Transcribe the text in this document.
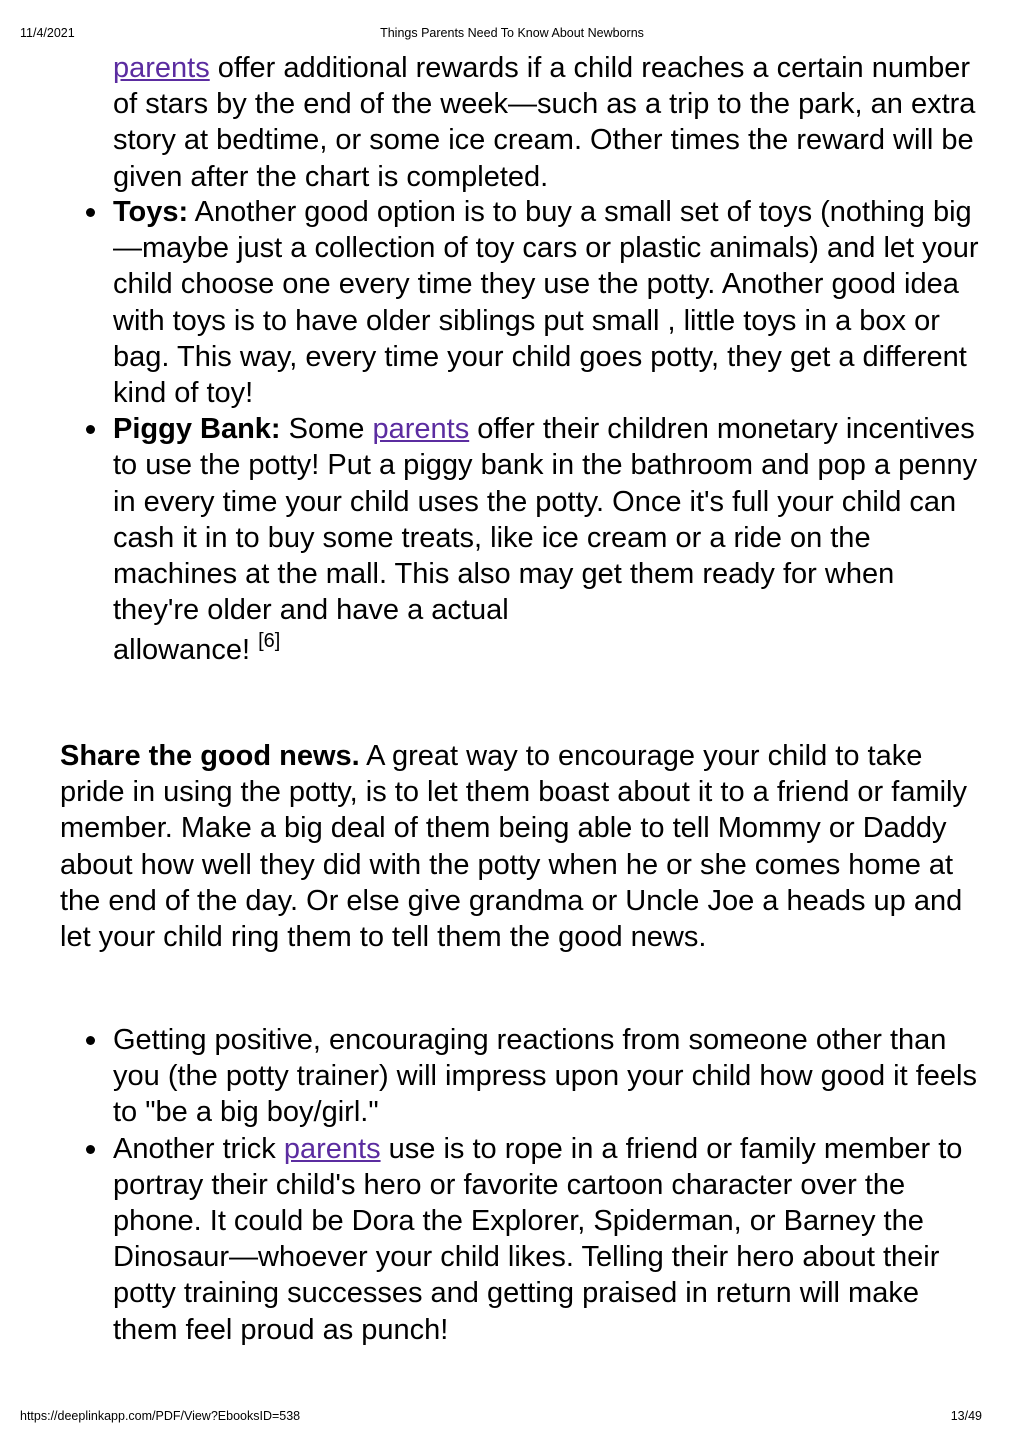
11/4/2021	Things Parents Need To Know About Newborns
parents offer additional rewards if a child reaches a certain number of stars by the end of the week—such as a trip to the park, an extra story at bedtime, or some ice cream. Other times the reward will be given after the chart is completed.
Toys: Another good option is to buy a small set of toys (nothing big—maybe just a collection of toy cars or plastic animals) and let your child choose one every time they use the potty. Another good idea with toys is to have older siblings put small , little toys in a box or bag. This way, every time your child goes potty, they get a different kind of toy!
Piggy Bank: Some parents offer their children monetary incentives to use the potty! Put a piggy bank in the bathroom and pop a penny in every time your child uses the potty. Once it's full your child can cash it in to buy some treats, like ice cream or a ride on the machines at the mall. This also may get them ready for when they're older and have a actual
allowance! [6]

Share the good news. A great way to encourage your child to take pride in using the potty, is to let them boast about it to a friend or family member. Make a big deal of them being able to tell Mommy or Daddy about how well they did with the potty when he or she comes home at the end of the day. Or else give grandma or Uncle Joe a heads up and let your child ring them to tell them the good news.

Getting positive, encouraging reactions from someone other than you (the potty trainer) will impress upon your child how good it feels to "be a big boy/girl."
Another trick parents use is to rope in a friend or family member to portray their child's hero or favorite cartoon character over the phone. It could be Dora the Explorer, Spiderman, or Barney the Dinosaur—whoever your child likes. Telling their hero about their potty training successes and getting praised in return will make them feel proud as punch!
https://deeplinkapp.com/PDF/View?EbooksID=538	13/49
